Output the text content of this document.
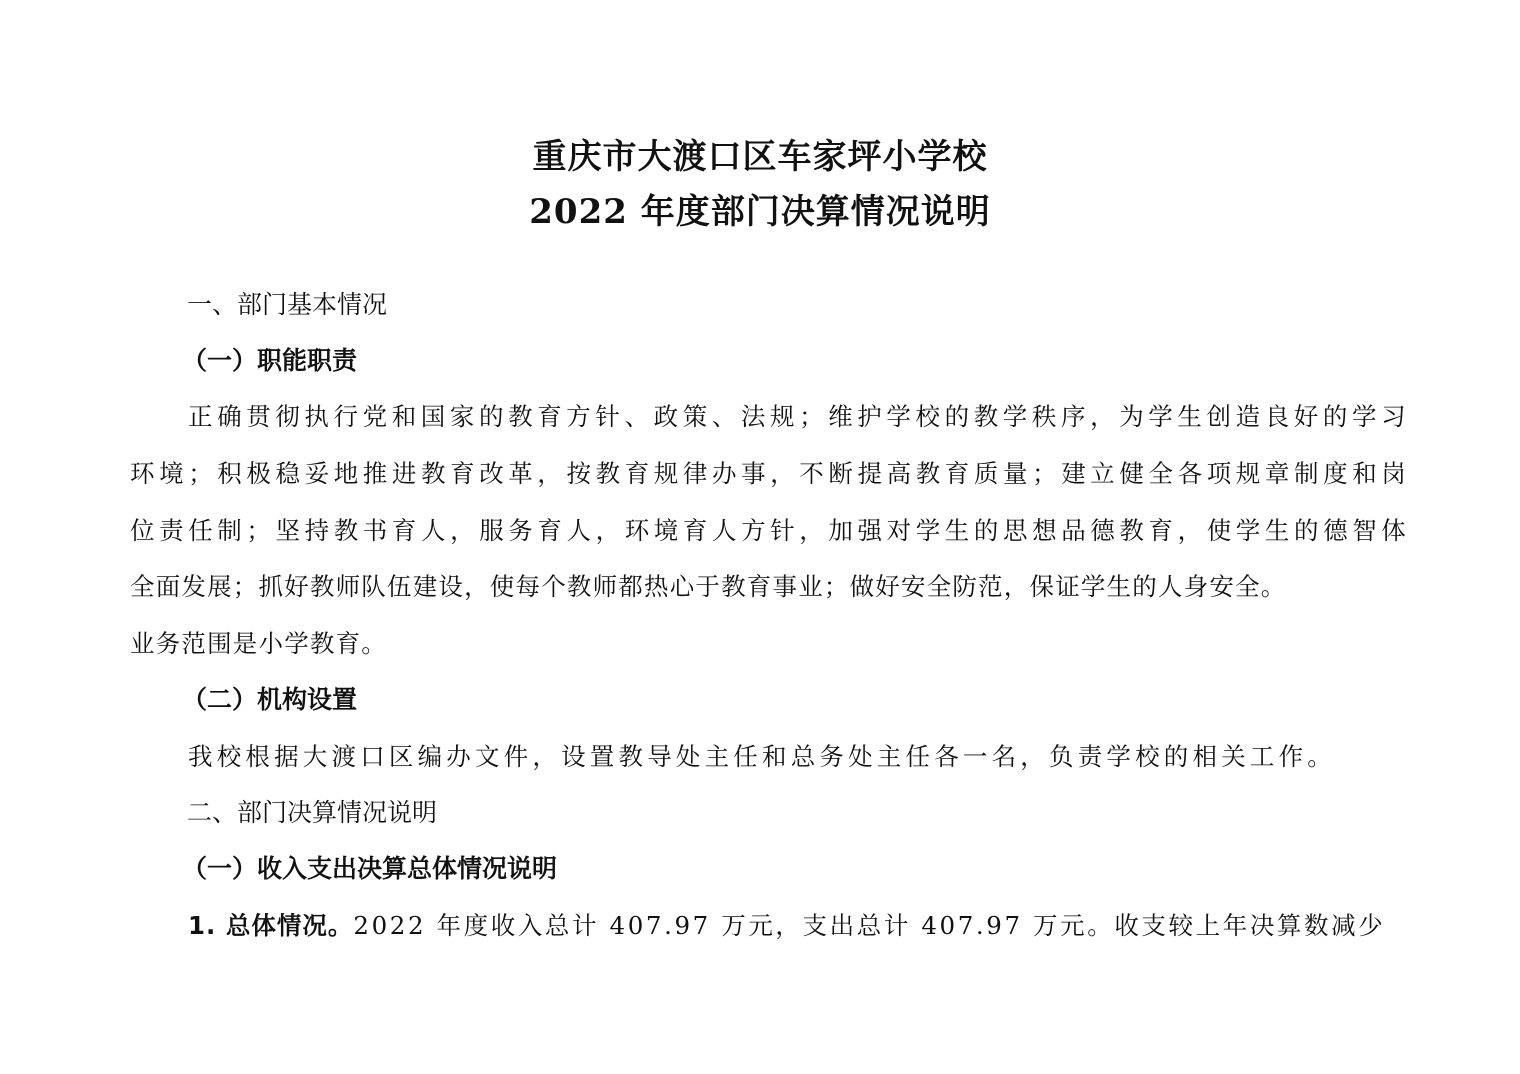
重庆市大渡口区车家坪小学校
2022 年度部门决算情况说明
一、部门基本情况
（一）职能职责
正确贯彻执行党和国家的教育方针、政策、法规；维护学校的教学秩序，为学生创造良好的学习
环境；积极稳妥地推进教育改革，按教育规律办事，不断提高教育质量；建立健全各项规章制度和岗
位责任制；坚持教书育人，服务育人，环境育人方针，加强对学生的思想品德教育，使学生的德智体
全面发展；抓好教师队伍建设，使每个教师都热心于教育事业；做好安全防范，保证学生的人身安全。
业务范围是小学教育。
（二）机构设置
我校根据大渡口区编办文件，设置教导处主任和总务处主任各一名，负责学校的相关工作。
二、部门决算情况说明
（一）收入支出决算总体情况说明
1. 总体情况。2022 年度收入总计 407.97 万元，支出总计 407.97 万元。收支较上年决算数减少
